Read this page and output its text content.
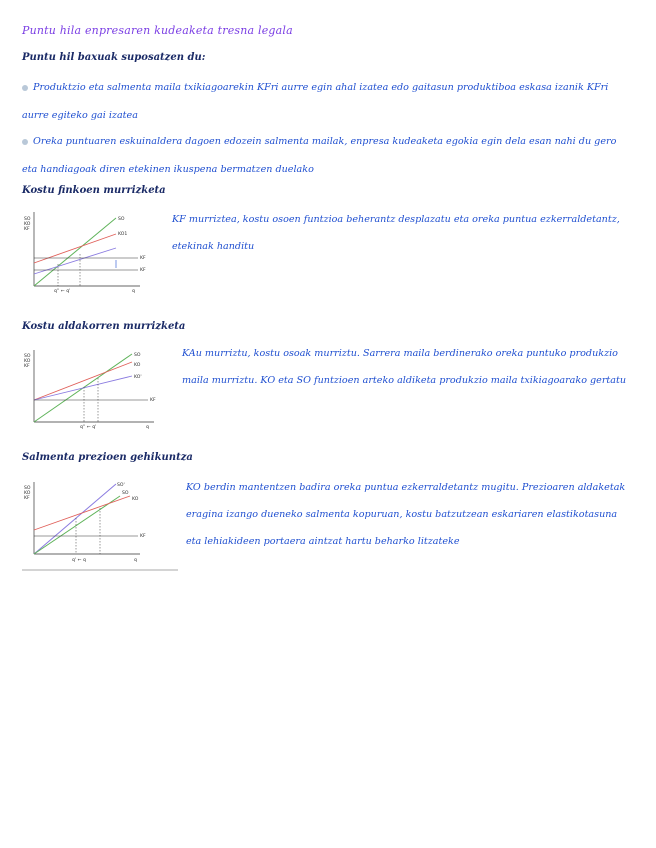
Puntu hila enpresaren kudeaketa tresna legala
Puntu hil baxuak suposatzen du:
Produktzio eta salmenta maila txikiagoarekin KFri aurre egin ahal izatea edo gaitasun produktiboa eskasa izanik KFri aurre egiteko gai izatea
Oreka puntuaren eskuinaldera dagoen edozein salmenta mailak, enpresa kudeaketa egokia egin dela esan nahi du gero eta handiagoak diren etekinen ikuspena bermatzen duelako
Kostu finkoen murrizketa
SO
KO
KF
SO
KO1
KF
KF
q'' ← q'	q
KF murriztea, kostu osoen funtzioa beherantz desplazatu eta oreka puntua ezkerraldetantz, etekinak handitu
Kostu aldakorren murrizketa
SO
KO
KF
SO
KO
KO'
KF
q'' ← q'	q
KAu murriztu, kostu osoak murriztu. Sarrera maila berdinerako oreka puntuko produkzio maila murriztu. KO eta SO funtzioen arteko aldiketa produkzio maila txikiagoarako gertatu
Salmenta prezioen gehikuntza
SO
KO
KF
SO'
SO
KO
KF
q' ← q	q
KO berdin mantentzen badira oreka puntua ezkerraldetantz mugitu. Prezioaren aldaketak eragina izango dueneko salmenta kopuruan, kostu batzutzean eskariaren elastikotasuna eta lehiakideen portaera aintzat hartu beharko litzateke
